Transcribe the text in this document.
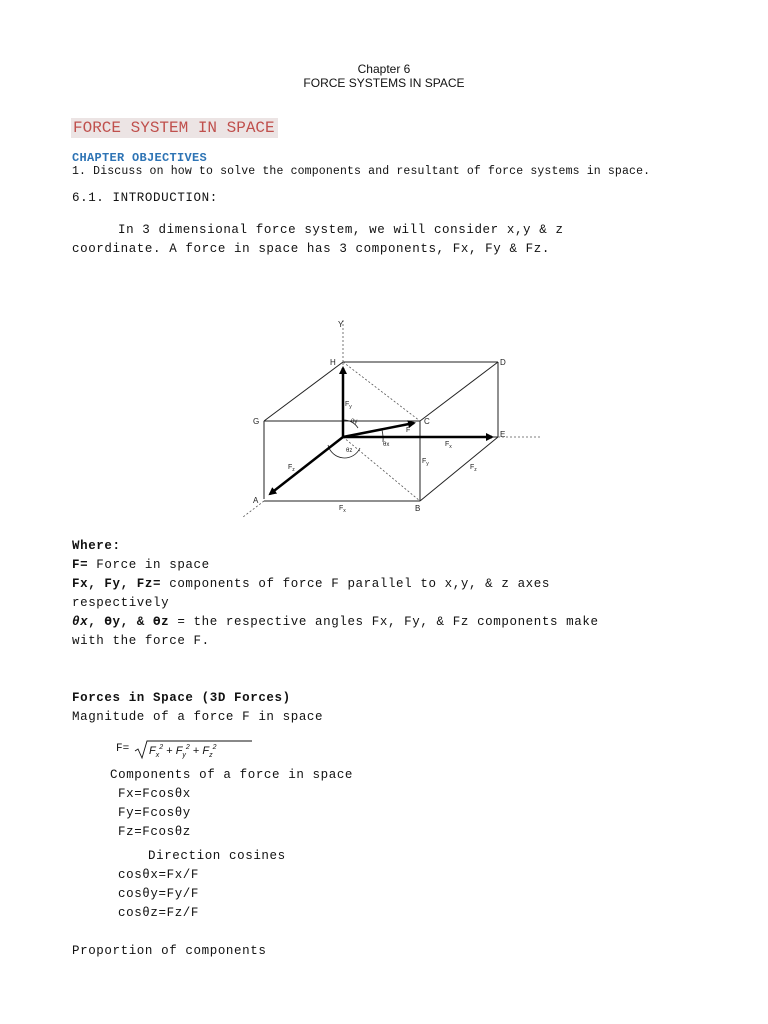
Chapter 6
FORCE SYSTEMS IN SPACE
FORCE SYSTEM IN SPACE
CHAPTER OBJECTIVES
1. Discuss on how to solve the components and resultant of force systems in space.
6.1. INTRODUCTION:
In 3 dimensional force system, we will consider x,y & z
coordinate. A force in space has 3 components, Fx, Fy & Fz.
Y
H	D
G	C
E
A
B
$F_y$
F
$F_x$
$F_z$
$F_y$	$F_z$
$F_x$
θy
θz
θx
Where:
F= Force in space
Fx, Fy, Fz= components of force F parallel to x,y, & z axes
respectively
θx, ϴy, & ϴz = the respective angles Fx, Fy, & Fz components make
with the force F.
Forces in Space (3D Forces)
Magnitude of a force F in space
$F= F_x^2 + F_y^2 + F_z^2$
Components of a force in space
Fx=Fcosθx
Fy=Fcosθy
Fz=Fcosθz
Direction cosines
cosθx=Fx/F
cosθy=Fy/F
cosθz=Fz/F
Proportion of components
